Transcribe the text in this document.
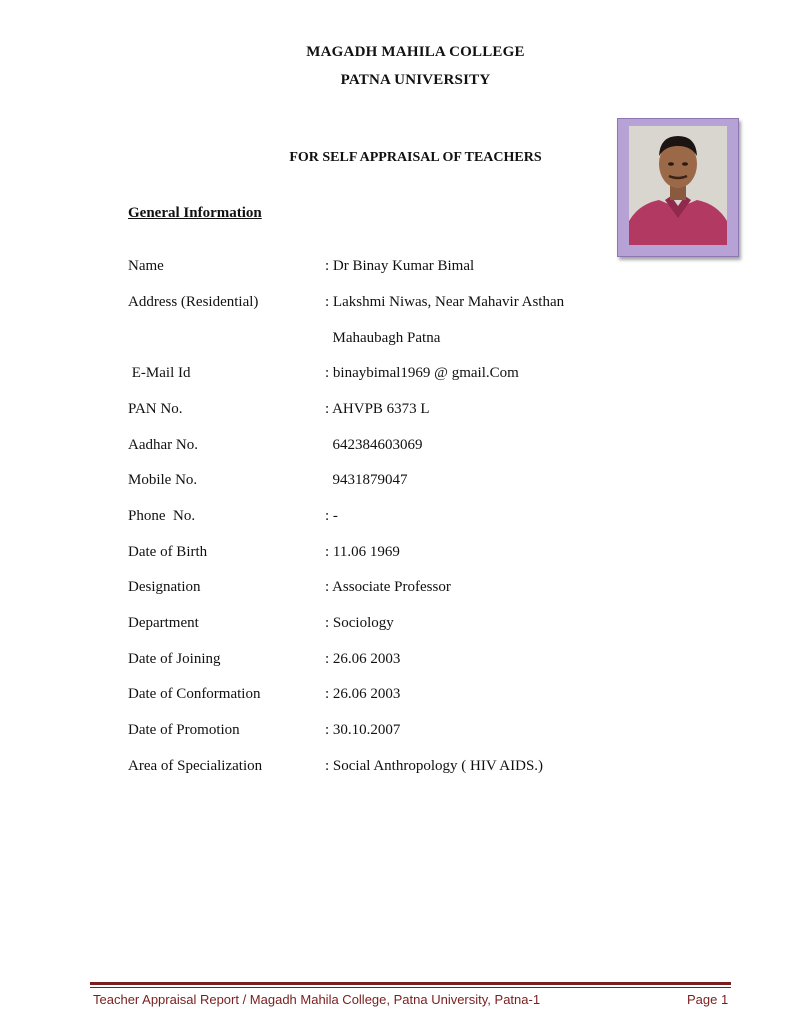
MAGADH MAHILA COLLEGE
PATNA UNIVERSITY
FOR SELF APPRAISAL OF TEACHERS
General Information
Name	: Dr Binay Kumar Bimal
Address (Residential)	: Lakshmi Niwas, Near Mahavir Asthan
Mahaubagh Patna
E-Mail Id	: binaybimal1969 @ gmail.Com
PAN No.	: AHVPB 6373 L
Aadhar No.	642384603069
Mobile No.	9431879047
Phone  No.	: -
Date of Birth	: 11.06 1969
Designation	: Associate Professor
Department	: Sociology
Date of Joining	: 26.06 2003
Date of Conformation	: 26.06 2003
Date of Promotion	: 30.10.2007
Area of Specialization	: Social Anthropology ( HIV AIDS.)
Teacher Appraisal Report / Magadh Mahila College, Patna University, Patna-1	Page 1
